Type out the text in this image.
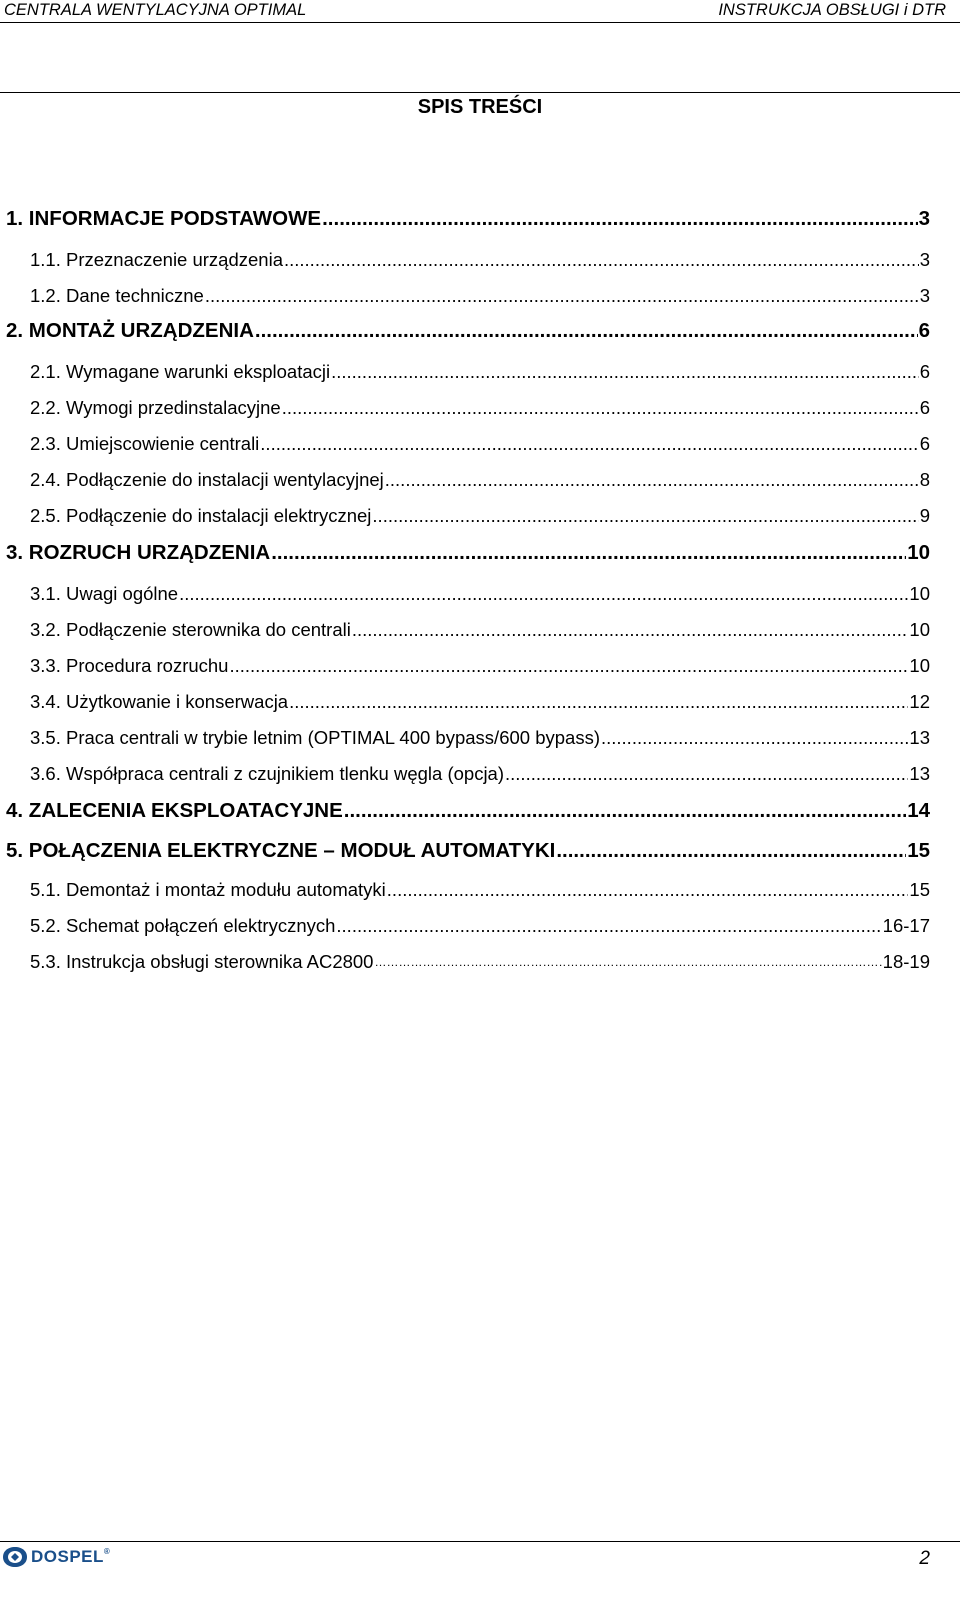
CENTRALA WENTYLACYJNA OPTIMAL	INSTRUKCJA OBSŁUGI i DTR
SPIS TREŚCI
1. INFORMACJE PODSTAWOWE .....	3
1.1. Przeznaczenie urządzenia .....	3
1.2. Dane techniczne .....	3
2. MONTAŻ URZĄDZENIA .....	6
2.1. Wymagane warunki eksploatacji .....	6
2.2. Wymogi przedinstalacyjne .....	6
2.3. Umiejscowienie centrali .....	6
2.4. Podłączenie do instalacji wentylacyjnej .....	8
2.5. Podłączenie do instalacji elektrycznej .....	9
3. ROZRUCH URZĄDZENIA .....	10
3.1. Uwagi ogólne .....	10
3.2. Podłączenie sterownika do centrali .....	10
3.3. Procedura rozruchu .....	10
3.4. Użytkowanie i konserwacja .....	12
3.5. Praca centrali w trybie letnim (OPTIMAL 400 bypass/600 bypass) .....	13
3.6. Współpraca centrali z czujnikiem tlenku węgla (opcja) .....	13
4. ZALECENIA EKSPLOATACYJNE .....	14
5. POŁĄCZENIA ELEKTRYCZNE – MODUŁ AUTOMATYKI .....	15
5.1. Demontaż i montaż modułu automatyki .....	15
5.2. Schemat połączeń elektrycznych .....	16-17
5.3. Instrukcja obsługi sterownika AC2800 ……………………………………………………………………………………………………………………………………………	18-19
DOSPEL®	2
